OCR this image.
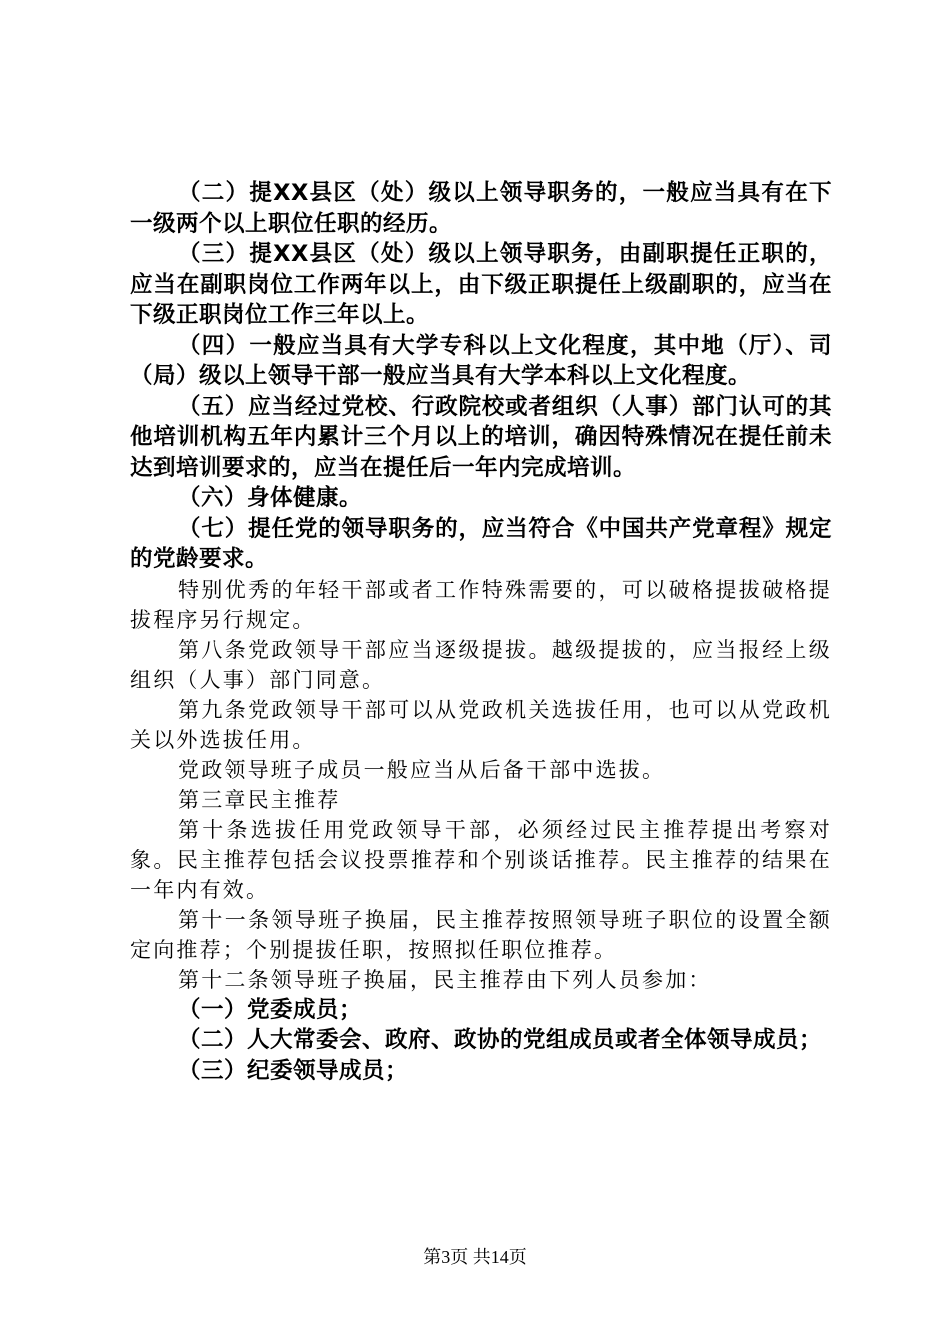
（二）提XX县区（处）级以上领导职务的，一般应当具有在下一级两个以上职位任职的经历。

（三）提XX县区（处）级以上领导职务，由副职提任正职的，应当在副职岗位工作两年以上，由下级正职提任上级副职的，应当在下级正职岗位工作三年以上。

（四）一般应当具有大学专科以上文化程度，其中地（厅）、司（局）级以上领导干部一般应当具有大学本科以上文化程度。

（五）应当经过党校、行政院校或者组织（人事）部门认可的其他培训机构五年内累计三个月以上的培训，确因特殊情况在提任前未达到培训要求的，应当在提任后一年内完成培训。

（六）身体健康。

（七）提任党的领导职务的，应当符合《中国共产党章程》规定的党龄要求。

特别优秀的年轻干部或者工作特殊需要的，可以破格提拔破格提拔程序另行规定。

第八条党政领导干部应当逐级提拔。越级提拔的，应当报经上级组织（人事）部门同意。

第九条党政领导干部可以从党政机关选拔任用，也可以从党政机关以外选拔任用。

党政领导班子成员一般应当从后备干部中选拔。

第三章民主推荐

第十条选拔任用党政领导干部，必须经过民主推荐提出考察对象。民主推荐包括会议投票推荐和个别谈话推荐。民主推荐的结果在一年内有效。

第十一条领导班子换届，民主推荐按照领导班子职位的设置全额定向推荐；个别提拔任职，按照拟任职位推荐。

第十二条领导班子换届，民主推荐由下列人员参加：

（一）党委成员；

（二）人大常委会、政府、政协的党组成员或者全体领导成员；

（三）纪委领导成员；

第3页 共14页
